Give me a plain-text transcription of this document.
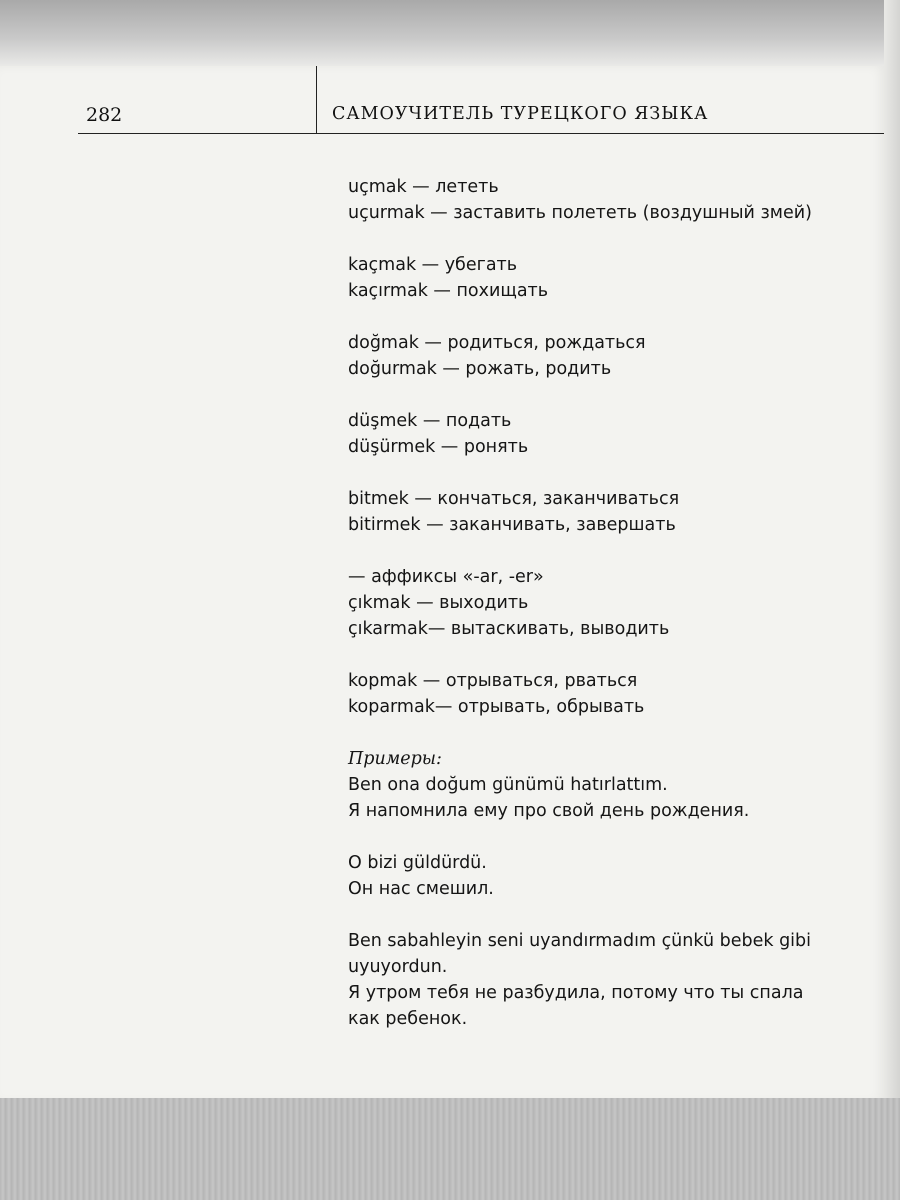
282	САМОУЧИТЕЛЬ ТУРЕЦКОГО ЯЗЫКА
uçmak — лететь
uçurmak — заставить полететь (воздушный змей)
kaçmak — убегать
kaçırmak — похищать
doğmak — родиться, рождаться
doğurmak — рожать, родить
düşmek — подать
düşürmek — ронять
bitmek — кончаться, заканчиваться
bitirmek — заканчивать, завершать
— аффиксы «-ar, -er»
çıkmak — выходить
çıkarmak— вытаскивать, выводить
kopmak — отрываться, рваться
koparmak— отрывать, обрывать
Примеры:
Ben ona doğum günümü hatırlattım.
Я напомнила ему про свой день рождения.
O bizi güldürdü.
Он нас смешил.
Ben sabahleyin seni uyandırmadım çünkü bebek gibi
uyuyordun.
Я утром тебя не разбудила, потому что ты спала
как ребенок.
